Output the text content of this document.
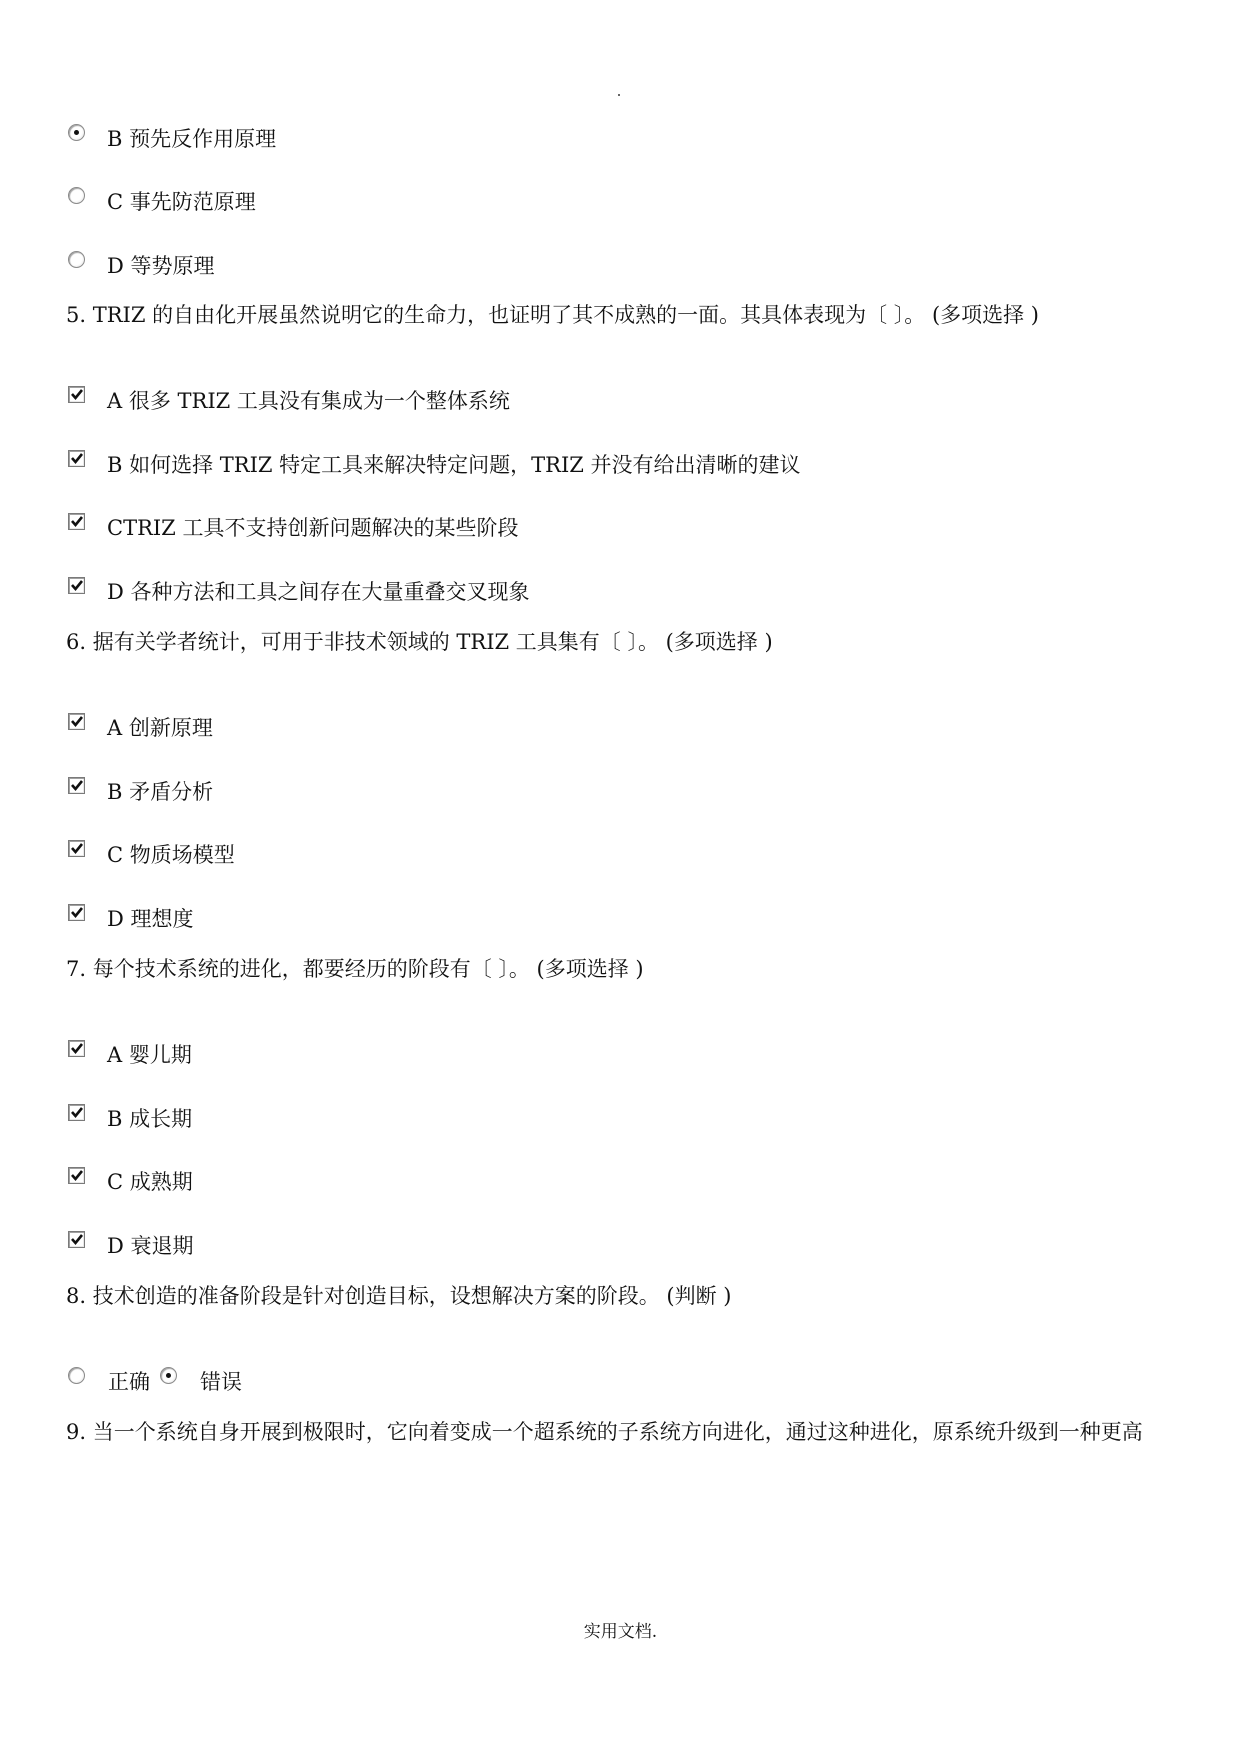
B 预先反作用原理
C 事先防范原理
D 等势原理
5. TRIZ 的自由化开展虽然说明它的生命力，也证明了其不成熟的一面。其具体表现为〔 〕。 (多项选择 )
A 很多 TRIZ 工具没有集成为一个整体系统
B 如何选择 TRIZ 特定工具来解决特定问题，TRIZ 并没有给出清晰的建议
CTRIZ 工具不支持创新问题解决的某些阶段
D 各种方法和工具之间存在大量重叠交叉现象
6. 据有关学者统计，可用于非技术领域的 TRIZ 工具集有〔 〕。 (多项选择 )
A 创新原理
B 矛盾分析
C 物质场模型
D 理想度
7. 每个技术系统的进化，都要经历的阶段有〔 〕。 (多项选择 )
A 婴儿期
B 成长期
C 成熟期
D 衰退期
8. 技术创造的准备阶段是针对创造目标，设想解决方案的阶段。 (判断 )
正确 错误
9. 当一个系统自身开展到极限时，它向着变成一个超系统的子系统方向进化，通过这种进化，原系统升级到一种更高
实用文档.
